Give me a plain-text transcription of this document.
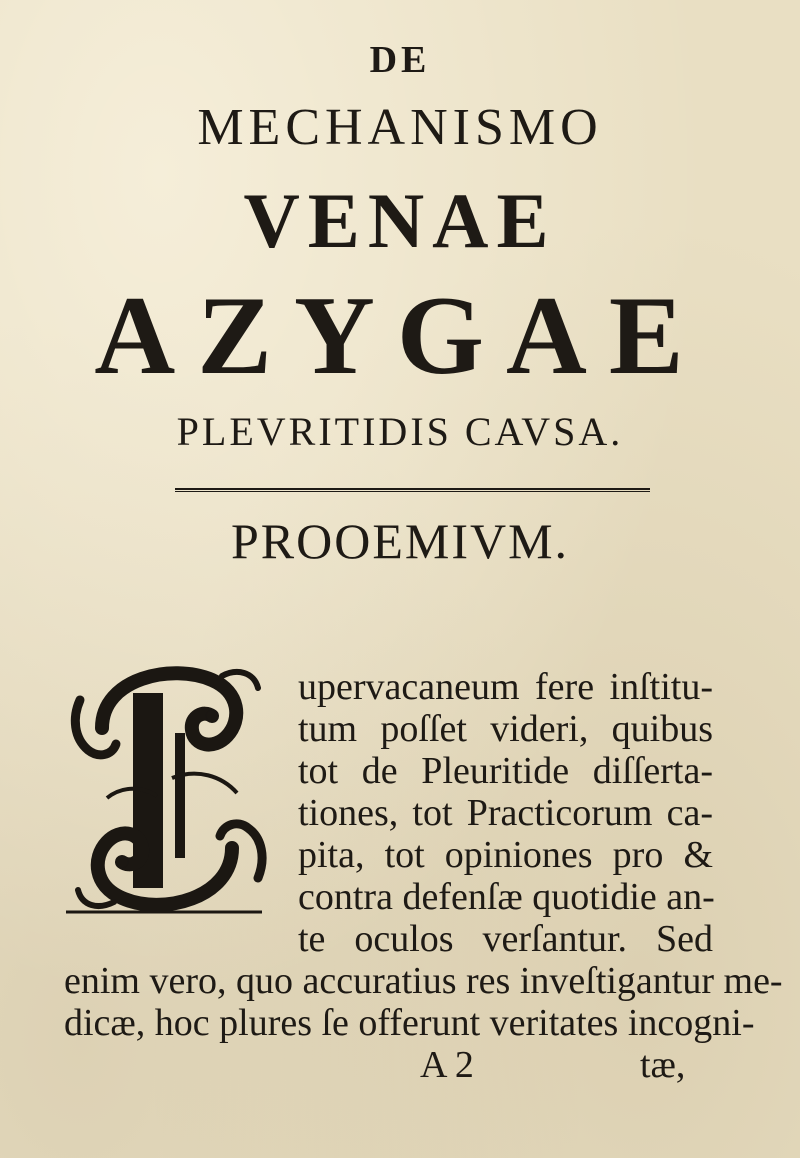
DE
MECHANISMO
VENAE
AZYGAE
PLEVRITIDIS CAVSA.
PROOEMIVM.
upervacaneum fere inſtitu-
tum poſſet videri, quibus
tot de Pleuritide diſſerta-
tiones, tot Practicorum ca-
pita, tot opiniones pro &
contra defenſæ quotidie an-
te oculos verſantur. Sed
enim vero, quo accuratius res inveſtigantur me-
dicæ, hoc plures ſe offerunt veritates incogni-
A 2	tæ,
